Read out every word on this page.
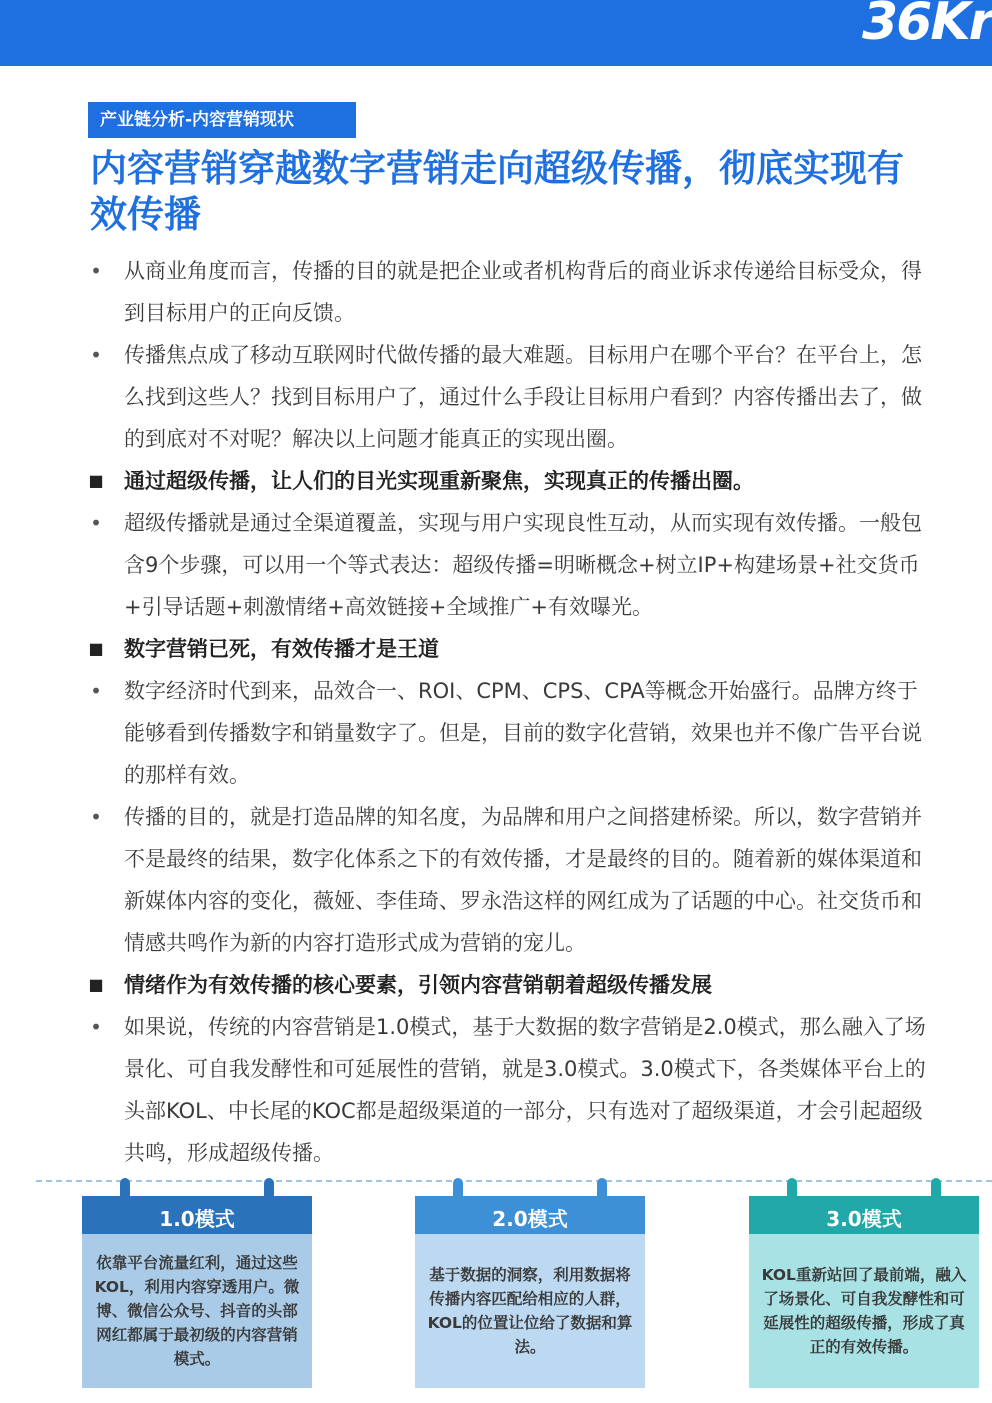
36Kr
产业链分析-内容营销现状
内容营销穿越数字营销走向超级传播，彻底实现有效传播
• 从商业角度而言，传播的目的就是把企业或者机构背后的商业诉求传递给目标受众，得到目标用户的正向反馈。
• 传播焦点成了移动互联网时代做传播的最大难题。目标用户在哪个平台？在平台上，怎么找到这些人？找到目标用户了，通过什么手段让目标用户看到？内容传播出去了，做的到底对不对呢？解决以上问题才能真正的实现出圈。
■ 通过超级传播，让人们的目光实现重新聚焦，实现真正的传播出圈。
• 超级传播就是通过全渠道覆盖，实现与用户实现良性互动，从而实现有效传播。一般包含9个步骤，可以用一个等式表达：超级传播=明晰概念+树立IP+构建场景+社交货币+引导话题+刺激情绪+高效链接+全域推广+有效曝光。
■ 数字营销已死，有效传播才是王道
• 数字经济时代到来，品效合一、ROI、CPM、CPS、CPA等概念开始盛行。品牌方终于能够看到传播数字和销量数字了。但是，目前的数字化营销，效果也并不像广告平台说的那样有效。
• 传播的目的，就是打造品牌的知名度，为品牌和用户之间搭建桥梁。所以，数字营销并不是最终的结果，数字化体系之下的有效传播，才是最终的目的。随着新的媒体渠道和新媒体内容的变化，薇娅、李佳琦、罗永浩这样的网红成为了话题的中心。社交货币和情感共鸣作为新的内容打造形式成为营销的宠儿。
■ 情绪作为有效传播的核心要素，引领内容营销朝着超级传播发展
• 如果说，传统的内容营销是1.0模式，基于大数据的数字营销是2.0模式，那么融入了场景化、可自我发酵性和可延展性的营销，就是3.0模式。3.0模式下，各类媒体平台上的头部KOL、中长尾的KOC都是超级渠道的一部分，只有选对了超级渠道，才会引起超级共鸣，形成超级传播。
1.0模式
依靠平台流量红利，通过这些KOL，利用内容穿透用户。微博、微信公众号、抖音的头部网红都属于最初级的内容营销模式。
2.0模式
基于数据的洞察，利用数据将传播内容匹配给相应的人群，KOL的位置让位给了数据和算法。
3.0模式
KOL重新站回了最前端，融入了场景化、可自我发酵性和可延展性的超级传播，形成了真正的有效传播。
